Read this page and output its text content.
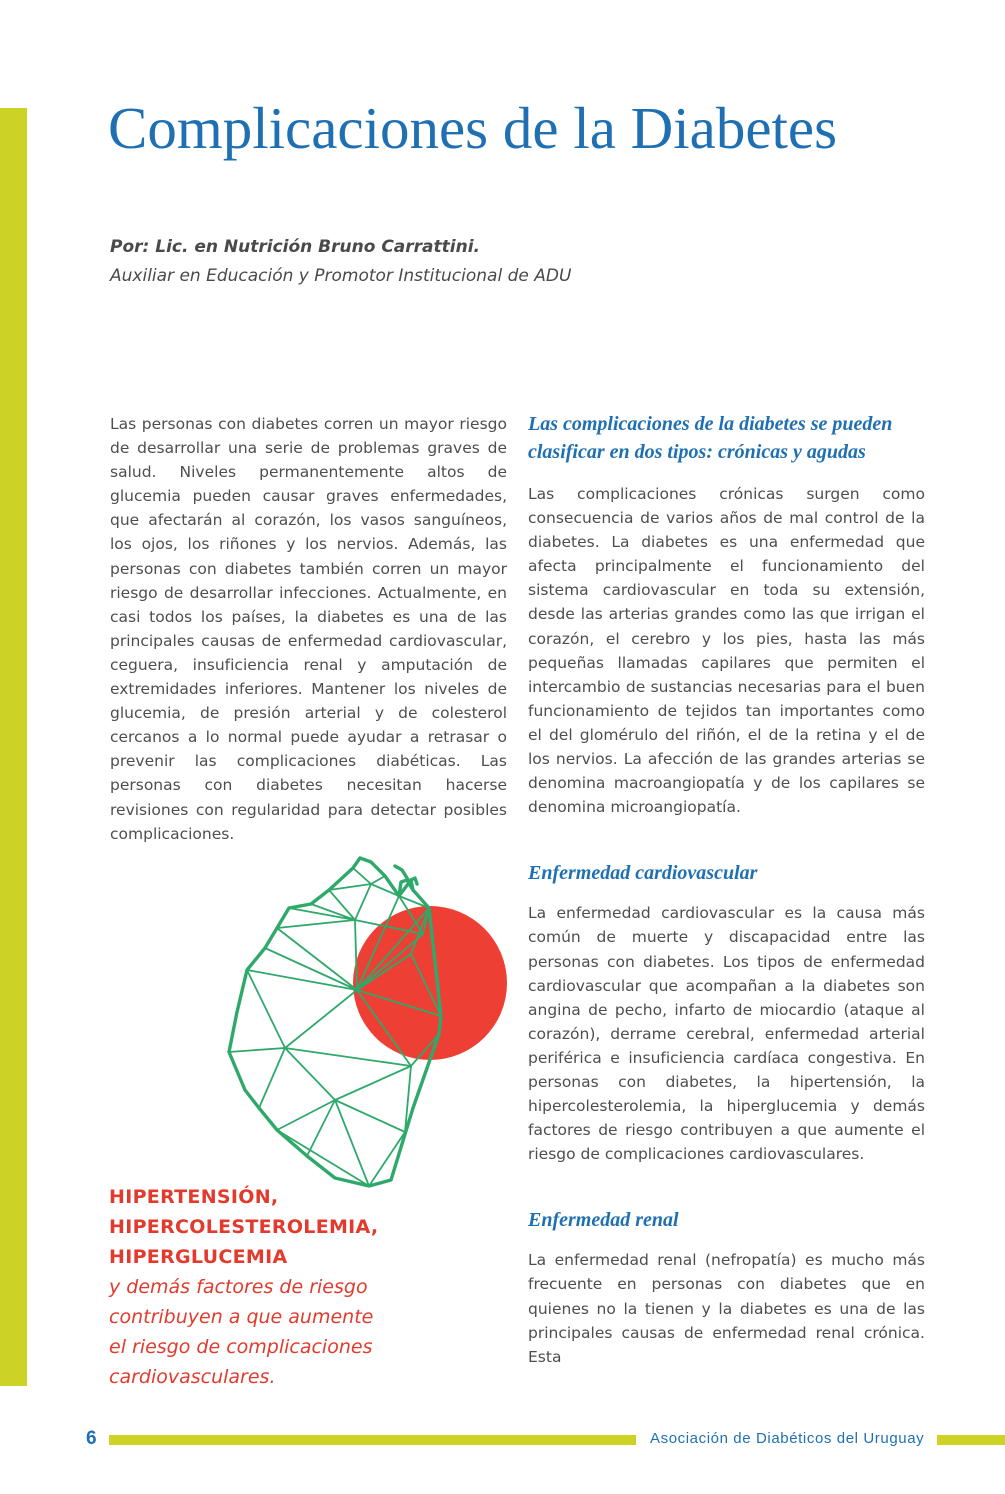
Complicaciones de la Diabetes
Por: Lic. en Nutrición Bruno Carrattini.
Auxiliar en Educación y Promotor Institucional de ADU

Las personas con diabetes corren un mayor riesgo de desarrollar una serie de problemas graves de salud. Niveles permanentemente altos de glucemia pueden causar graves enfermedades, que afectarán al corazón, los vasos sanguíneos, los ojos, los riñones y los nervios. Además, las personas con diabetes también corren un mayor riesgo de desarrollar infecciones. Actualmente, en casi todos los países, la diabetes es una de las principales causas de enfermedad cardiovascular, ceguera, insuficiencia renal y amputación de extremidades inferiores. Mantener los niveles de glucemia, de presión arterial y de colesterol cercanos a lo normal puede ayudar a retrasar o prevenir las complicaciones diabéticas. Las personas con diabetes necesitan hacerse revisiones con regularidad para detectar posibles complicaciones.

HIPERTENSIÓN,
HIPERCOLESTEROLEMIA,
HIPERGLUCEMIA
y demás factores de riesgo
contribuyen a que aumente
el riesgo de complicaciones
cardiovasculares.
Las complicaciones de la diabetes se pueden clasificar en dos tipos: crónicas y agudas

Las complicaciones crónicas surgen como consecuencia de varios años de mal control de la diabetes. La diabetes es una enfermedad que afecta principalmente el funcionamiento del sistema cardiovascular en toda su extensión, desde las arterias grandes como las que irrigan el corazón, el cerebro y los pies, hasta las más pequeñas llamadas capilares que permiten el intercambio de sustancias necesarias para el buen funcionamiento de tejidos tan importantes como el del glomérulo del riñón, el de la retina y el de los nervios. La afección de las grandes arterias se denomina macroangiopatía y de los capilares se denomina microangiopatía.

Enfermedad cardiovascular

La enfermedad cardiovascular es la causa más común de muerte y discapacidad entre las personas con diabetes. Los tipos de enfermedad cardiovascular que acompañan a la diabetes son angina de pecho, infarto de miocardio (ataque al corazón), derrame cerebral, enfermedad arterial periférica e insuficiencia cardíaca congestiva. En personas con diabetes, la hipertensión, la hipercolesterolemia, la hiperglucemia y demás factores de riesgo contribuyen a que aumente el riesgo de complicaciones cardiovasculares.

Enfermedad renal

La enfermedad renal (nefropatía) es mucho más frecuente en personas con diabetes que en quienes no la tienen y la diabetes es una de las principales causas de enfermedad renal crónica. Esta

6	Asociación de Diabéticos del Uruguay
